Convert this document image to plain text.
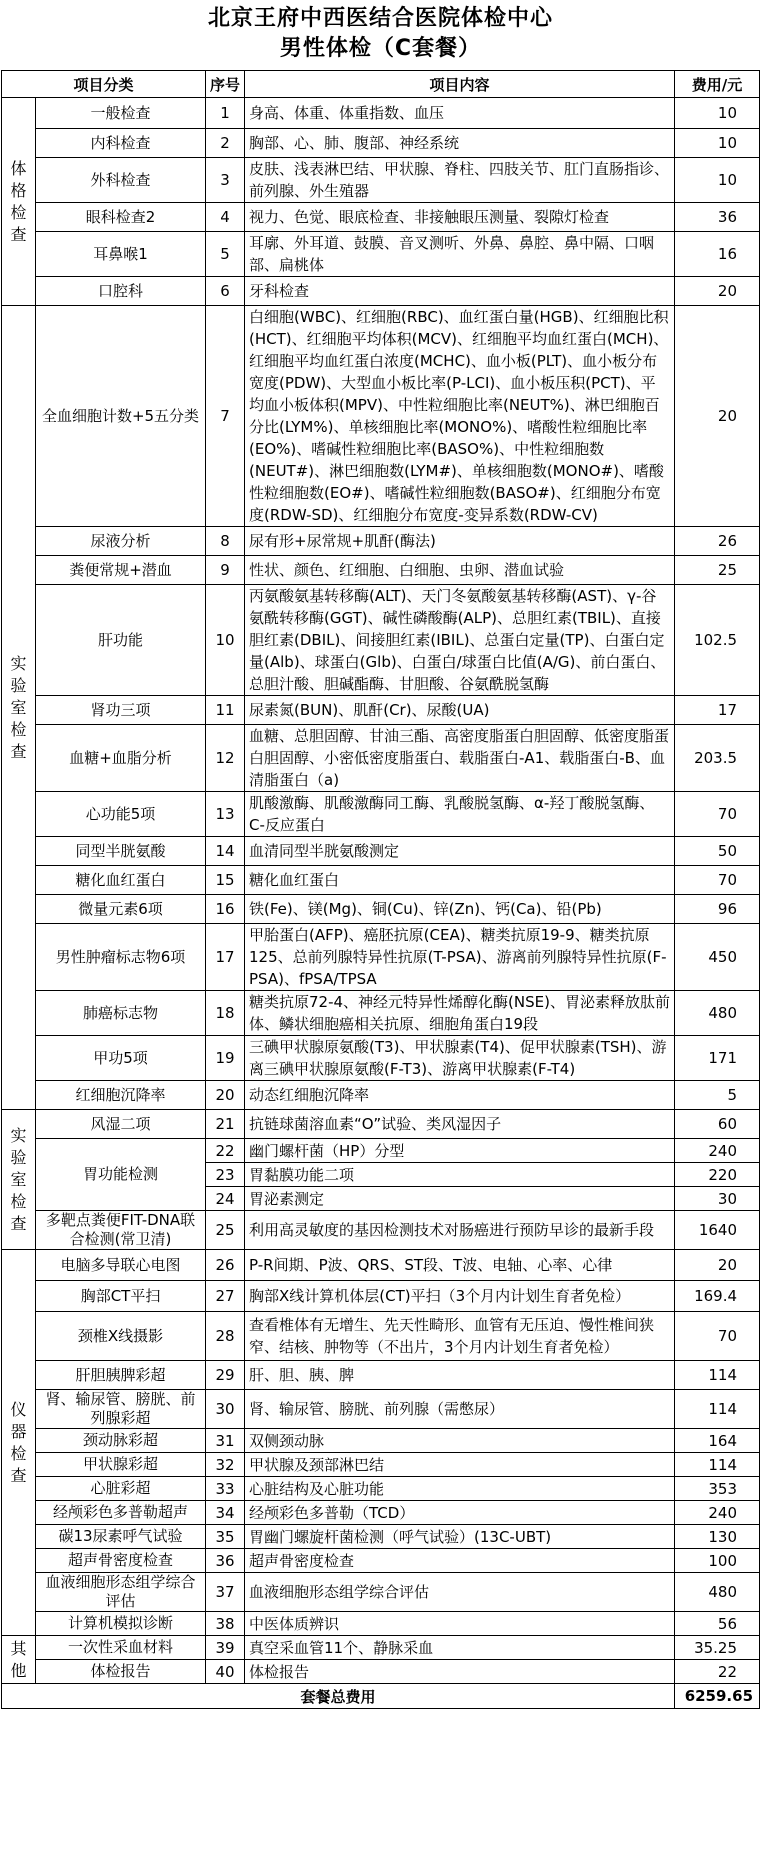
北京王府中西医结合医院体检中心
男性体检（C套餐）
项目分类		序号	项目内容	费用/元
体格检查	一般检查	1	身高、体重、体重指数、血压	10
	内科检查	2	胸部、心、肺、腹部、神经系统	10
	外科检查	3	皮肤、浅表淋巴结、甲状腺、脊柱、四肢关节、肛门直肠指诊、前列腺、外生殖器	10
	眼科检查2	4	视力、色觉、眼底检查、非接触眼压测量、裂隙灯检查	36
	耳鼻喉1	5	耳廓、外耳道、鼓膜、音叉测听、外鼻、鼻腔、鼻中隔、口咽部、扁桃体	16
	口腔科	6	牙科检查	20
实验室检查	全血细胞计数+5五分类	7	白细胞(WBC)、红细胞(RBC)、血红蛋白量(HGB)、红细胞比积(HCT)、红细胞平均体积(MCV)、红细胞平均血红蛋白(MCH)、红细胞平均血红蛋白浓度(MCHC)、血小板(PLT)、血小板分布宽度(PDW)、大型血小板比率(P-LCI)、血小板压积(PCT)、平均血小板体积(MPV)、中性粒细胞比率(NEUT%)、淋巴细胞百分比(LYM%)、单核细胞比率(MONO%)、嗜酸性粒细胞比率(EO%)、嗜碱性粒细胞比率(BASO%)、中性粒细胞数(NEUT#)、淋巴细胞数(LYM#)、单核细胞数(MONO#)、嗜酸性粒细胞数(EO#)、嗜碱性粒细胞数(BASO#)、红细胞分布宽度(RDW-SD)、红细胞分布宽度-变异系数(RDW-CV)	20
	尿液分析	8	尿有形+尿常规+肌酐(酶法)	26
	粪便常规+潜血	9	性状、颜色、红细胞、白细胞、虫卵、潜血试验	25
	肝功能	10	丙氨酸氨基转移酶(ALT)、天门冬氨酸氨基转移酶(AST)、γ-谷氨酰转移酶(GGT)、碱性磷酸酶(ALP)、总胆红素(TBIL)、直接胆红素(DBIL)、间接胆红素(IBIL)、总蛋白定量(TP)、白蛋白定量(Alb)、球蛋白(Glb)、白蛋白/球蛋白比值(A/G)、前白蛋白、总胆汁酸、胆碱酯酶、甘胆酸、谷氨酰脱氢酶	102.5
	肾功三项	11	尿素氮(BUN)、肌酐(Cr)、尿酸(UA)	17
	血糖+血脂分析	12	血糖、总胆固醇、甘油三酯、高密度脂蛋白胆固醇、低密度脂蛋白胆固醇、小密低密度脂蛋白、载脂蛋白-A1、载脂蛋白-B、血清脂蛋白（a)	203.5
	心功能5项	13	肌酸激酶、肌酸激酶同工酶、乳酸脱氢酶、α-羟丁酸脱氢酶、C-反应蛋白	70
	同型半胱氨酸	14	血清同型半胱氨酸测定	50
	糖化血红蛋白	15	糖化血红蛋白	70
	微量元素6项	16	铁(Fe)、镁(Mg)、铜(Cu)、锌(Zn)、钙(Ca)、铅(Pb)	96
	男性肿瘤标志物6项	17	甲胎蛋白(AFP)、癌胚抗原(CEA)、糖类抗原19-9、糖类抗原125、总前列腺特异性抗原(T-PSA)、游离前列腺特异性抗原(F-PSA)、fPSA/TPSA	450
	肺癌标志物	18	糖类抗原72-4、神经元特异性烯醇化酶(NSE)、胃泌素释放肽前体、鳞状细胞癌相关抗原、细胞角蛋白19段	480
	甲功5项	19	三碘甲状腺原氨酸(T3)、甲状腺素(T4)、促甲状腺素(TSH)、游离三碘甲状腺原氨酸(F-T3)、游离甲状腺素(F-T4)	171
	红细胞沉降率	20	动态红细胞沉降率	5
实验室检查	风湿二项	21	抗链球菌溶血素“O”试验、类风湿因子	60
	胃功能检测	22	幽门螺杆菌（HP）分型	240
		23	胃黏膜功能二项	220
		24	胃泌素测定	30
	多靶点粪便FIT-DNA联合检测(常卫清)	25	利用高灵敏度的基因检测技术对肠癌进行预防早诊的最新手段	1640
仪器检查	电脑多导联心电图	26	P-R间期、P波、QRS、ST段、T波、电轴、心率、心律	20
	胸部CT平扫	27	胸部X线计算机体层(CT)平扫（3个月内计划生育者免检）	169.4
	颈椎X线摄影	28	查看椎体有无增生、先天性畸形、血管有无压迫、慢性椎间狭窄、结核、肿物等（不出片，3个月内计划生育者免检）	70
	肝胆胰脾彩超	29	肝、胆、胰、脾	114
	肾、输尿管、膀胱、前列腺彩超	30	肾、输尿管、膀胱、前列腺（需憋尿）	114
	颈动脉彩超	31	双侧颈动脉	164
	甲状腺彩超	32	甲状腺及颈部淋巴结	114
	心脏彩超	33	心脏结构及心脏功能	353
	经颅彩色多普勒超声	34	经颅彩色多普勒（TCD）	240
	碳13尿素呼气试验	35	胃幽门螺旋杆菌检测（呼气试验）(13C-UBT)	130
	超声骨密度检查	36	超声骨密度检查	100
	血液细胞形态组学综合评估	37	血液细胞形态组学综合评估	480
	计算机模拟诊断	38	中医体质辨识	56
其他	一次性采血材料	39	真空采血管11个、静脉采血	35.25
	体检报告	40	体检报告	22
套餐总费用				6259.65
